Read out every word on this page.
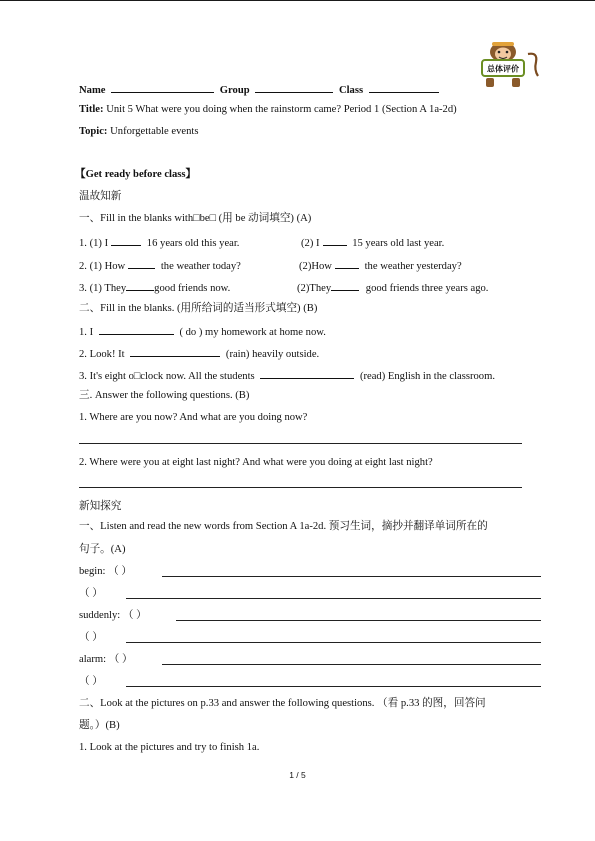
总体评价
Name	Group	Class
Title: Unit 5 What were you doing when the rainstorm came? Period 1 (Section A 1a-2d)
Topic: Unforgettable events
【Get ready before class】
温故知新
一、Fill in the blanks with□be□ (用 be 动词填空) (A)
1. (1) I	16 years old this year.	(2) I	15 years old last year.
2. (1) How	the weather today?	(2)How	the weather yesterday?
3. (1) They	good friends now.	(2)They	good friends three years ago.
二、Fill in the blanks. (用所给词的适当形式填空) (B)
1. I	( do ) my homework at home now.
2. Look! It	(rain) heavily outside.
3. It's eight o□clock now. All the students	(read) English in the classroom.
三. Answer the following questions. (B)
1. Where are you now? And what are you doing now?
2. Where were you at eight last night? And what were you doing at eight last night?
新知探究
一、Listen and read the new words from Section A 1a-2d. 预习生词，摘抄并翻译单词所在的
句子。(A)
begin: （ ）
（ ）
suddenly: （ ）
（ ）
alarm: （ ）
（ ）
二、Look at the pictures on p.33 and answer the following questions. （看 p.33 的图，回答问
题。）(B)
1. Look at the pictures and try to finish 1a.
1 / 5
